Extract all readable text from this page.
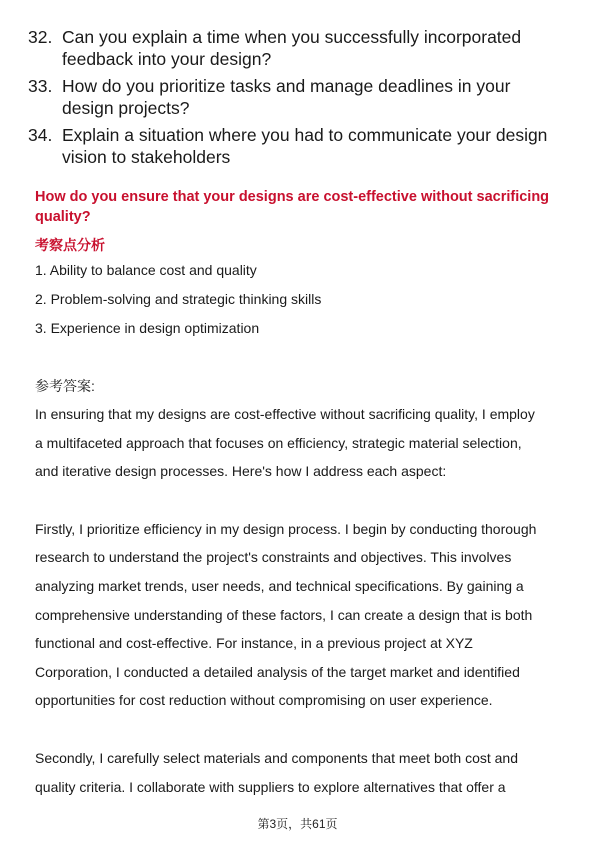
32. Can you explain a time when you successfully incorporated
feedback into your design?
33. How do you prioritize tasks and manage deadlines in your
design projects?
34. Explain a situation where you had to communicate your design
vision to stakeholders
How do you ensure that your designs are cost-effective without sacrificing
quality?
考察点分析
1. Ability to balance cost and quality
2. Problem-solving and strategic thinking skills
3. Experience in design optimization
参考答案:

In ensuring that my designs are cost-effective without sacrificing quality, I employ
a multifaceted approach that focuses on efficiency, strategic material selection,
and iterative design processes. Here's how I address each aspect:

Firstly, I prioritize efficiency in my design process. I begin by conducting thorough
research to understand the project's constraints and objectives. This involves
analyzing market trends, user needs, and technical specifications. By gaining a
comprehensive understanding of these factors, I can create a design that is both
functional and cost-effective. For instance, in a previous project at XYZ
Corporation, I conducted a detailed analysis of the target market and identified
opportunities for cost reduction without compromising on user experience.

Secondly, I carefully select materials and components that meet both cost and
quality criteria. I collaborate with suppliers to explore alternatives that offer a

第3页，共61页
